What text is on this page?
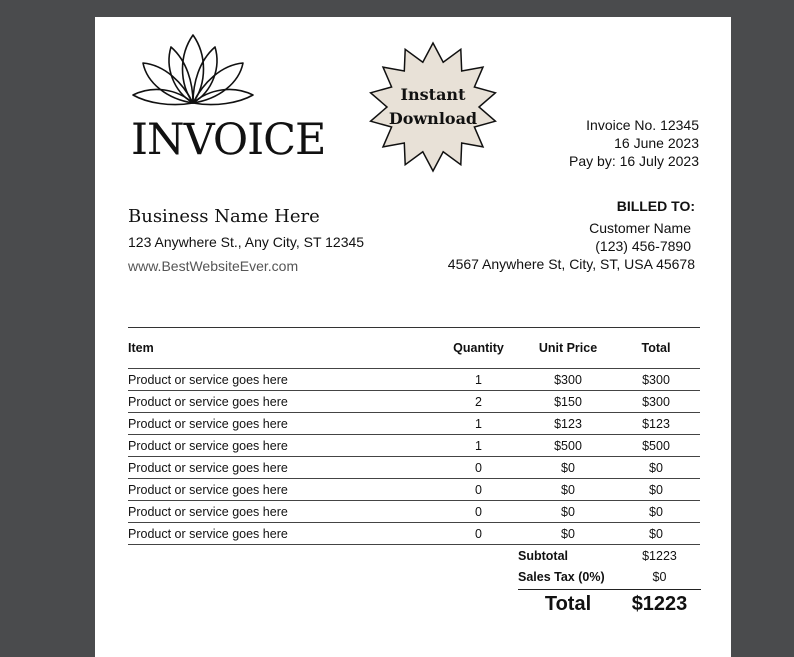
INVOICE
Instant
Download	Invoice No. 12345
16 June 2023
Pay by: 16 July 2023
Business Name Here
123 Anywhere St., Any City, ST 12345
www.BestWebsiteEver.com
BILLED TO:
Customer Name
(123) 456-7890
4567 Anywhere St, City, ST, USA 45678
Item	Quantity	Unit Price	Total
Product or service goes here	1	$300	$300
Product or service goes here	2	$150	$300
Product or service goes here	1	$123	$123
Product or service goes here	1	$500	$500
Product or service goes here	0	$0	$0
Product or service goes here	0	$0	$0
Product or service goes here	0	$0	$0
Product or service goes here	0	$0	$0
Subtotal	$1223
Sales Tax (0%)	$0
Total	$1223
